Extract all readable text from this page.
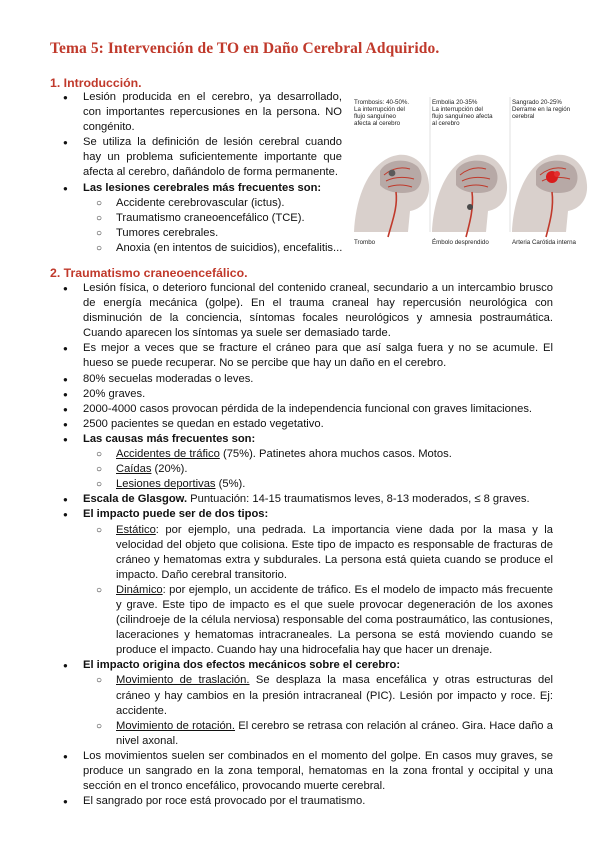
Tema 5: Intervención de TO en Daño Cerebral Adquirido.
1. Introducción.
● Lesión producida en el cerebro, ya desarrollado, con importantes repercusiones en la persona. NO congénito.
● Se utiliza la definición de lesión cerebral cuando hay un problema suficientemente importante que afecta al cerebro, dañándolo de forma permanente.
● Las lesiones cerebrales más frecuentes son:
○ Accidente cerebrovascular (ictus).
○ Traumatismo craneoencefálico (TCE).
○ Tumores cerebrales.
○ Anoxia (en intentos de suicidios), encefalitis...
Trombosis: 40-50%.
La interrupción del
flujo sanguíneo
afecta al cerebro
Trombo
Embolia 20-35%
La interrupción del
flujo sanguíneo afecta
al cerebro
Émbolo desprendido
Sangrado 20-25%
Derrame en la región
cerebral
Arteria Carótida interna
2. Traumatismo craneoencefálico.
● Lesión física, o deterioro funcional del contenido craneal, secundario a un intercambio brusco de energía mecánica (golpe). En el trauma craneal hay repercusión neurológica con disminución de la conciencia, síntomas focales neurológicos y amnesia postraumática. Cuando aparecen los síntomas ya suele ser demasiado tarde.
● Es mejor a veces que se fracture el cráneo para que así salga fuera y no se acumule. El hueso se puede recuperar. No se percibe que hay un daño en el cerebro.
● 80% secuelas moderadas o leves.
● 20% graves.
● 2000-4000 casos provocan pérdida de la independencia funcional con graves limitaciones.
● 2500 pacientes se quedan en estado vegetativo.
● Las causas más frecuentes son:
○ Accidentes de tráfico (75%). Patinetes ahora muchos casos. Motos.
○ Caídas (20%).
○ Lesiones deportivas (5%).
● Escala de Glasgow. Puntuación: 14-15 traumatismos leves, 8-13 moderados, ≤ 8 graves.
● El impacto puede ser de dos tipos:
○ Estático: por ejemplo, una pedrada. La importancia viene dada por la masa y la velocidad del objeto que colisiona. Este tipo de impacto es responsable de fracturas de cráneo y hematomas extra y subdurales. La persona está quieta cuando se produce el impacto. Daño cerebral transitorio.
○ Dinámico: por ejemplo, un accidente de tráfico. Es el modelo de impacto más frecuente y grave. Este tipo de impacto es el que suele provocar degeneración de los axones (cilindroeje de la célula nerviosa) responsable del coma postraumático, las contusiones, laceraciones y hematomas intracraneales. La persona se está moviendo cuando se produce el impacto. Cuando hay una hidrocefalia hay que hacer un drenaje.
● El impacto origina dos efectos mecánicos sobre el cerebro:
○ Movimiento de traslación. Se desplaza la masa encefálica y otras estructuras del cráneo y hay cambios en la presión intracraneal (PIC). Lesión por impacto y roce. Ej: accidente.
○ Movimiento de rotación. El cerebro se retrasa con relación al cráneo. Gira. Hace daño a nivel axonal.
● Los movimientos suelen ser combinados en el momento del golpe. En casos muy graves, se produce un sangrado en la zona temporal, hematomas en la zona frontal y occipital y una sección en el tronco encefálico, provocando muerte cerebral.
● El sangrado por roce está provocado por el traumatismo.
